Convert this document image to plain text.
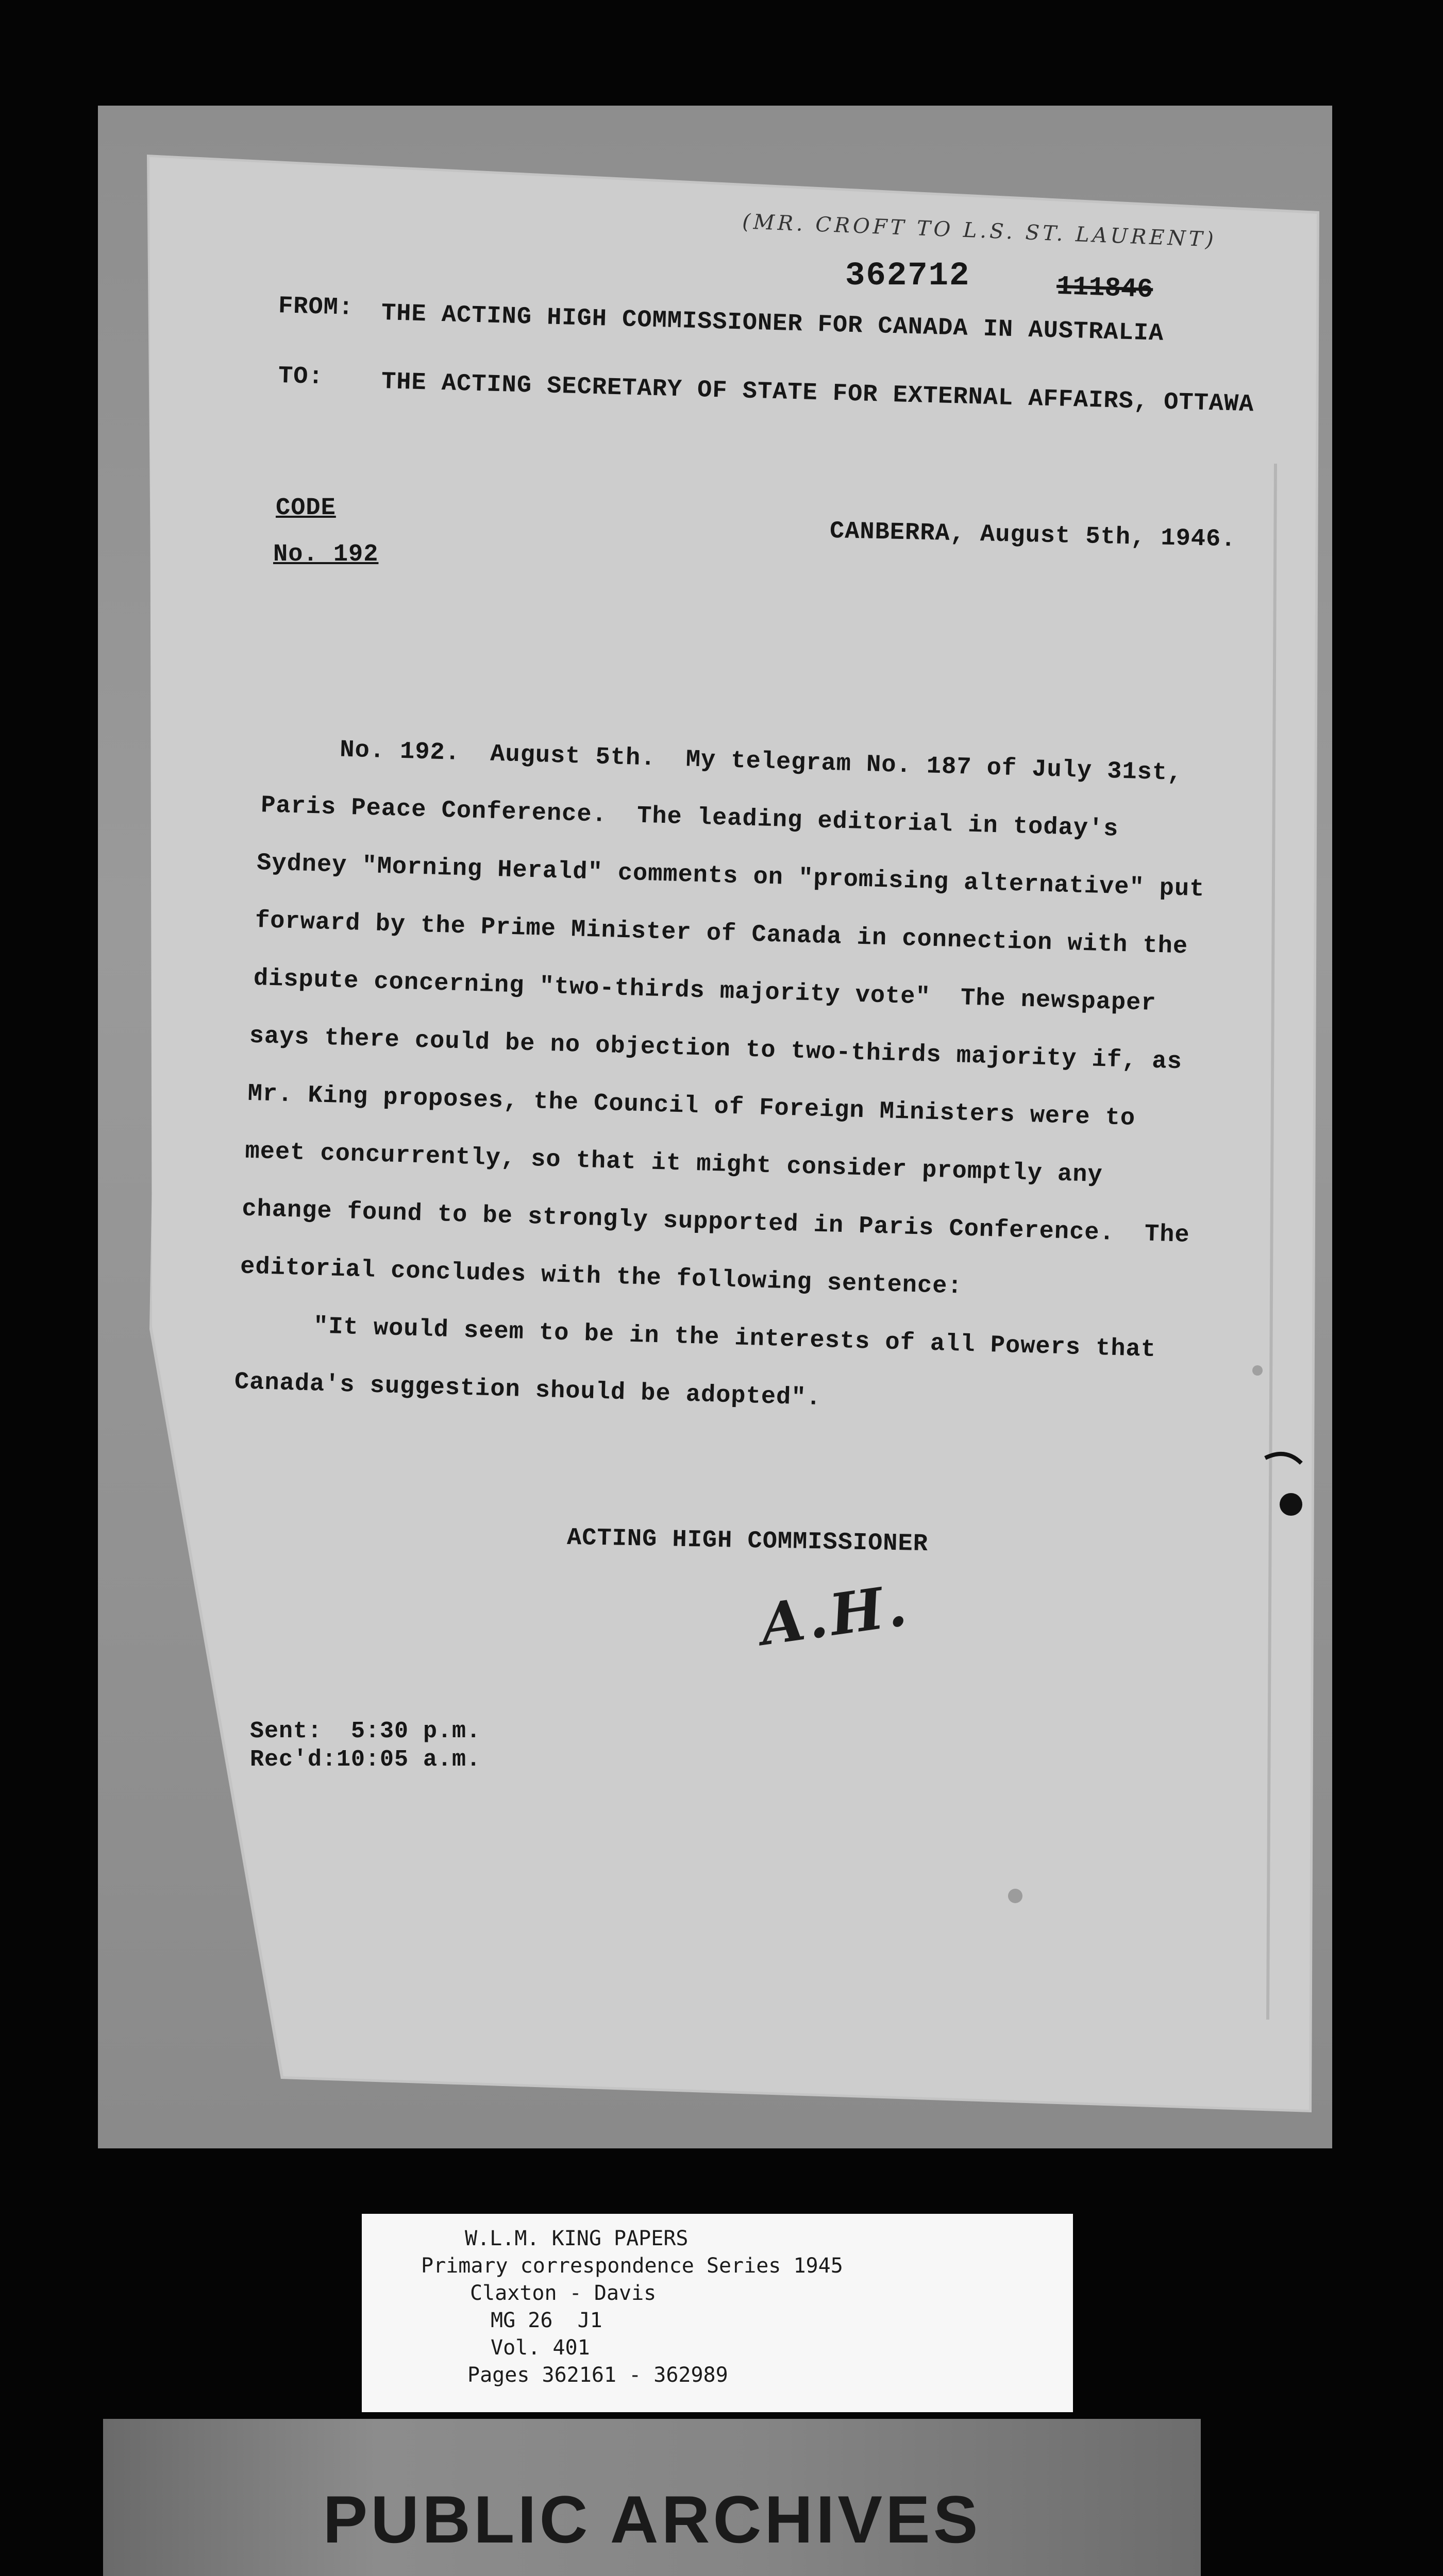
(MR. CROFT TO L.S. ST. LAURENT)
362712	111846
FROM: THE ACTING HIGH COMMISSIONER FOR CANADA IN AUSTRALIA
TO: THE ACTING SECRETARY OF STATE FOR EXTERNAL AFFAIRS, OTTAWA
CODE
No. 192
CANBERRA, August 5th, 1946.
No. 192.  August 5th.  My telegram No. 187 of July 31st,
Paris Peace Conference.  The leading editorial in today's
Sydney "Morning Herald" comments on "promising alternative" put
forward by the Prime Minister of Canada in connection with the
dispute concerning "two-thirds majority vote"  The newspaper
says there could be no objection to two-thirds majority if, as
Mr. King proposes, the Council of Foreign Ministers were to
meet concurrently, so that it might consider promptly any
change found to be strongly supported in Paris Conference.  The
editorial concludes with the following sentence:
"It would seem to be in the interests of all Powers that
Canada's suggestion should be adopted".
ACTING HIGH COMMISSIONER
A.H.
Sent:  5:30 p.m.
Rec'd:10:05 a.m.
W.L.M. KING PAPERS
Primary correspondence Series 1945
Claxton - Davis
MG 26  J1
Vol. 401
Pages 362161 - 362989
PUBLIC ARCHIVES
